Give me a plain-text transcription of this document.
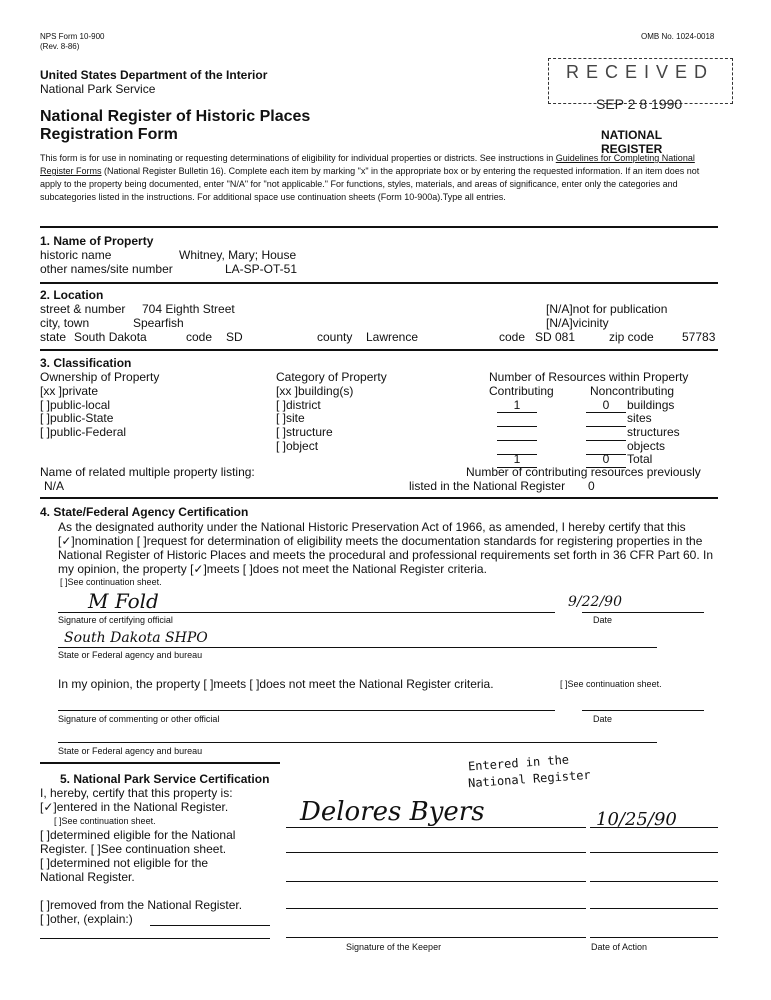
NPS Form 10-900
(Rev. 8-86)
OMB No. 1024-0018
United States Department of the Interior
National Park Service
National Register of Historic Places
Registration Form
R E C E I V E D
SEP 2 8 1990
NATIONAL
REGISTER
This form is for use in nominating or requesting determinations of eligibility for individual properties or districts. See instructions in Guidelines for Completing National Register Forms (National Register Bulletin 16). Complete each item by marking "x" in the appropriate box or by entering the requested information. If an item does not apply to the property being documented, enter "N/A" for "not applicable." For functions, styles, materials, and areas of significance, enter only the categories and subcategories listed in the instructions. For additional space use continuation sheets (Form 10-900a).Type all entries.
1. Name of Property
historic name	Whitney, Mary; House
other names/site number	LA-SP-OT-51
2. Location
street & number 704 Eighth Street	[N/A]not for publication
city, town	Spearfish	[N/A]vicinity
state South Dakota	code SD	county Lawrence	code SD 081	zip code 57783
3. Classification
Ownership of Property
[xx ]private
[ ]public-local
[ ]public-State
[ ]public-Federal
Category of Property
[xx ]building(s)
[ ]district
[ ]site
[ ]structure
[ ]object
Number of Resources within Property
Contributing	Noncontributing
1	0	buildings
sites
structures
objects
1	0	Total
Name of related multiple property listing:
N/A
Number of contributing resources previously
listed in the National Register 0
4. State/Federal Agency Certification
As the designated authority under the National Historic Preservation Act of 1966, as amended, I hereby certify that this [✓]nomination [ ]request for determination of eligibility meets the documentation standards for registering properties in the National Register of Historic Places and meets the procedural and professional requirements set forth in 36 CFR Part 60. In my opinion, the property [✓]meets [ ]does not meet the National Register criteria.
[ ]See continuation sheet.
M Fold	9/22/90
Signature of certifying official	Date
South Dakota SHPO
State or Federal agency and bureau
In my opinion, the property [ ]meets [ ]does not meet the National Register criteria.	[ ]See continuation sheet.
Signature of commenting or other official	Date
State or Federal agency and bureau
5. National Park Service Certification
I, hereby, certify that this property is:
[✓]entered in the National Register.
[ ]See continuation sheet.
[ ]determined eligible for the National
Register. [ ]See continuation sheet.
[ ]determined not eligible for the
National Register.
[ ]removed from the National Register.
[ ]other, (explain:)
Entered in the
National Register
Delores Byers	10/25/90
Signature of the Keeper	Date of Action
